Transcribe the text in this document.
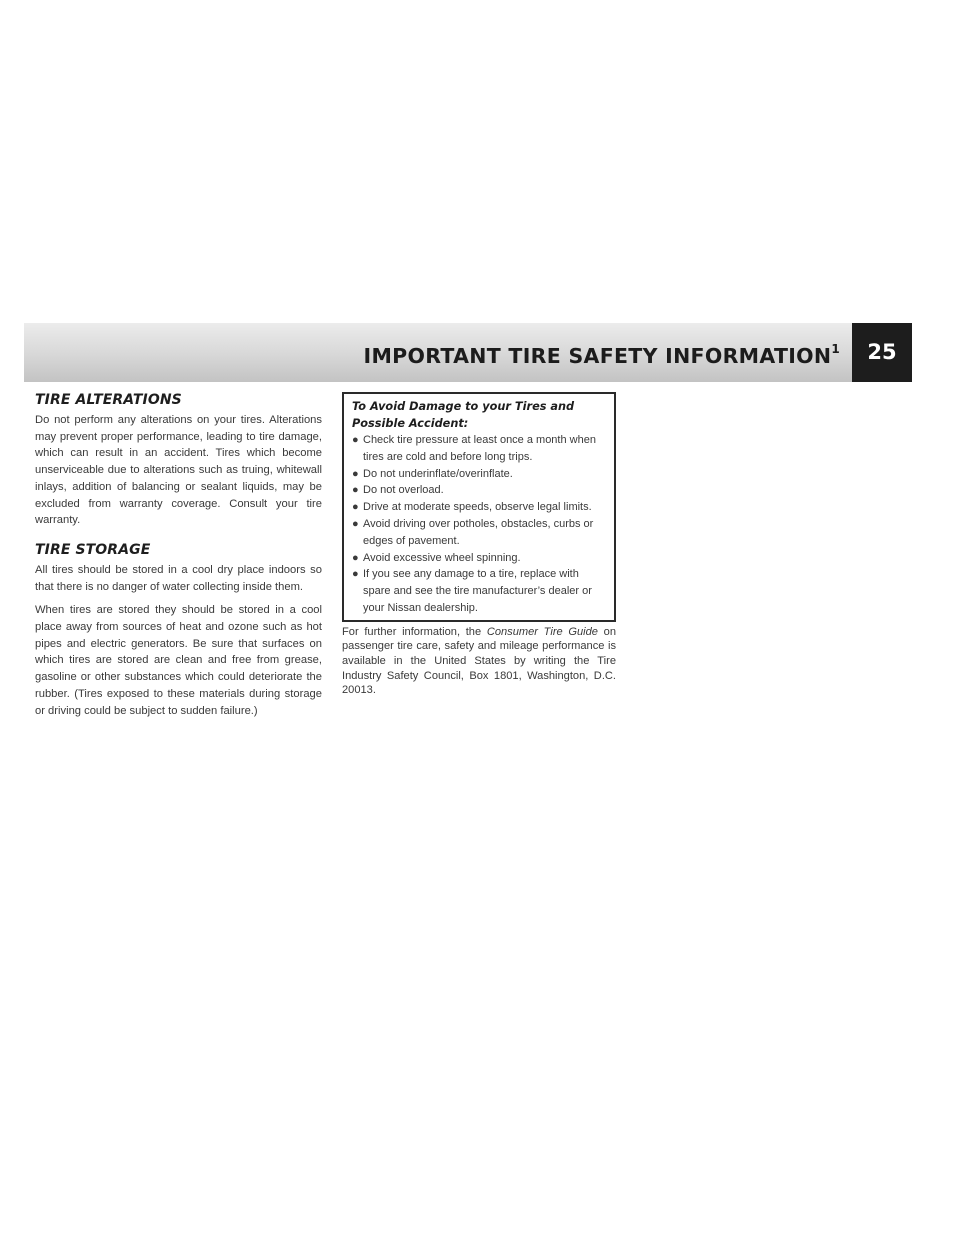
IMPORTANT TIRE SAFETY INFORMATION$^1$	25
TIRE ALTERATIONS

Do not perform any alterations on your tires. Alterations may prevent proper performance, leading to tire damage, which can result in an accident. Tires which become unserviceable due to alterations such as truing, whitewall inlays, addition of balancing or sealant liquids, may be excluded from warranty coverage. Consult your tire warranty.

TIRE STORAGE

All tires should be stored in a cool dry place indoors so that there is no danger of water collecting inside them.

When tires are stored they should be stored in a cool place away from sources of heat and ozone such as hot pipes and electric generators. Be sure that surfaces on which tires are stored are clean and free from grease, gasoline or other substances which could deteriorate the rubber. (Tires exposed to these materials during storage or driving could be subject to sudden failure.)

To Avoid Damage to your Tires and Possible Accident:

● Check tire pressure at least once a month when tires are cold and before long trips.
● Do not underinflate/overinflate.
● Do not overload.
● Drive at moderate speeds, observe legal limits.
● Avoid driving over potholes, obstacles, curbs or edges of pavement.
● Avoid excessive wheel spinning.
● If you see any damage to a tire, replace with spare and see the tire manufacturer’s dealer or your Nissan dealership.

For further information, the Consumer Tire Guide on passenger tire care, safety and mileage performance is available in the United States by writing the Tire Industry Safety Council, Box 1801, Washington, D.C. 20013.
